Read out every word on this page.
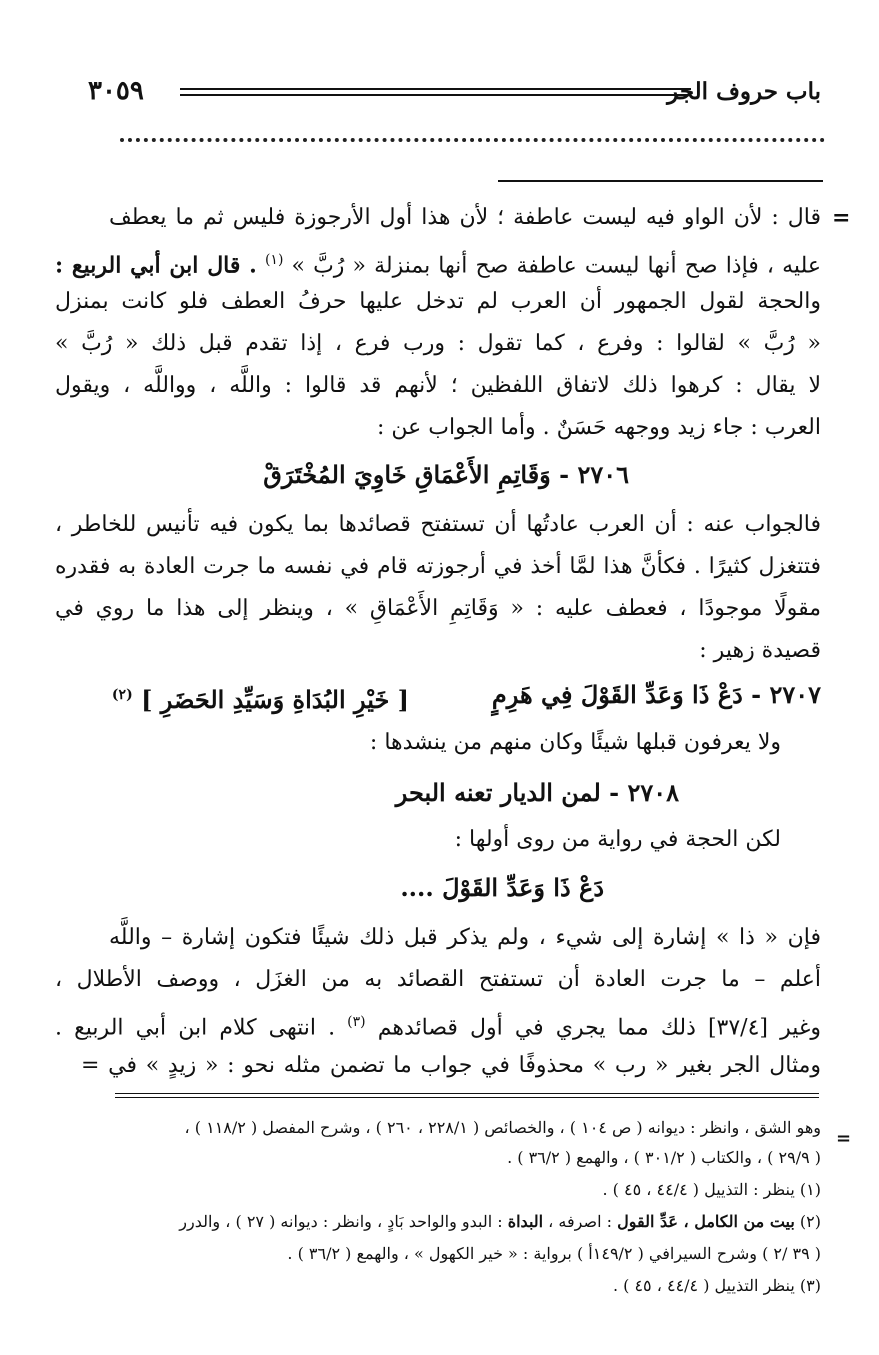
باب حروف الجر
٣٠٥٩
=
قال : لأن الواو فيه ليست عاطفة ؛ لأن هذا أول الأرجوزة فليس ثم ما يعطف
عليه ، فإذا صح أنها ليست عاطفة صح أنها بمنزلة « رُبَّ » $^{(١)}$ . قال ابن أبي الربيع :
والحجة لقول الجمهور أن العرب لم تدخل عليها حرفُ العطف فلو كانت بمنزل
« رُبَّ » لقالوا : وفرع ، كما تقول : ورب فرع ، إذا تقدم قبل ذلك « رُبَّ »
لا يقال : كرهوا ذلك لاتفاق اللفظين ؛ لأنهم قد قالوا : واللَّه ، وواللَّه ، ويقول
العرب : جاء زيد ووجهه حَسَنٌ . وأما الجواب عن :
٢٧٠٦ - وَقَاتِمِ الأَعْمَاقِ خَاوِيَ المُخْتَرَقْ
فالجواب عنه : أن العرب عادتُها أن تستفتح قصائدها بما يكون فيه تأنيس للخاطر ،
فتتغزل كثيرًا . فكأنَّ هذا لمَّا أخذ في أرجوزته قام في نفسه ما جرت العادة به فقدره
مقولًا موجودًا ، فعطف عليه : « وَقَاتِمِ الأَعْمَاقِ » ، وينظر إلى هذا ما روي في
قصيدة زهير :
٢٧٠٧ - دَعْ ذَا وَعَدِّ القَوْلَ فِي هَرِمٍ
[ خَيْرِ البُدَاةِ وَسَيِّدِ الحَضَرِ ] $^{(٢)}$
ولا يعرفون قبلها شيئًا وكان منهم من ينشدها :
٢٧٠٨ - لمن الديار تعنه البحر
لكن الحجة في رواية من روى أولها :
دَعْ ذَا وَعَدِّ القَوْلَ ....
فإن « ذا » إشارة إلى شيء ، ولم يذكر قبل ذلك شيئًا فتكون إشارة – واللَّه
أعلم – ما جرت العادة أن تستفتح القصائد به من الغزَل ، ووصف الأطلال ،
وغير [٣٧/٤] ذلك مما يجري في أول قصائدهم $^{(٣)}$ . انتهى كلام ابن أبي الربيع .
ومثال الجر بغير « رب » محذوفًا في جواب ما تضمن مثله نحو : « زيدٍ » في =
=
وهو الشق ، وانظر : ديوانه ( ص ١٠٤ ) ، والخصائص ( ٢٢٨/١ ، ٢٦٠ ) ، وشرح المفصل ( ١١٨/٢ ) ،
( ٢٩/٩ ) ، والكتاب ( ٣٠١/٢ ) ، والهمع ( ٣٦/٢ ) .
(١) ينظر : التذييل ( ٤٤/٤ ، ٤٥ ) .
(٢) بيت من الكامل ، عَدِّ القول : اصرفه ، البداة : البدو والواحد بَادٍ ، وانظر : ديوانه ( ٢٧ ) ، والدرر
( ٣٩ /٢ ) وشرح السيرافي ( ١٤٩/٢أ ) برواية : « خير الكهول » ، والهمع ( ٣٦/٢ ) .
(٣) ينظر التذييل ( ٤٤/٤ ، ٤٥ ) .
